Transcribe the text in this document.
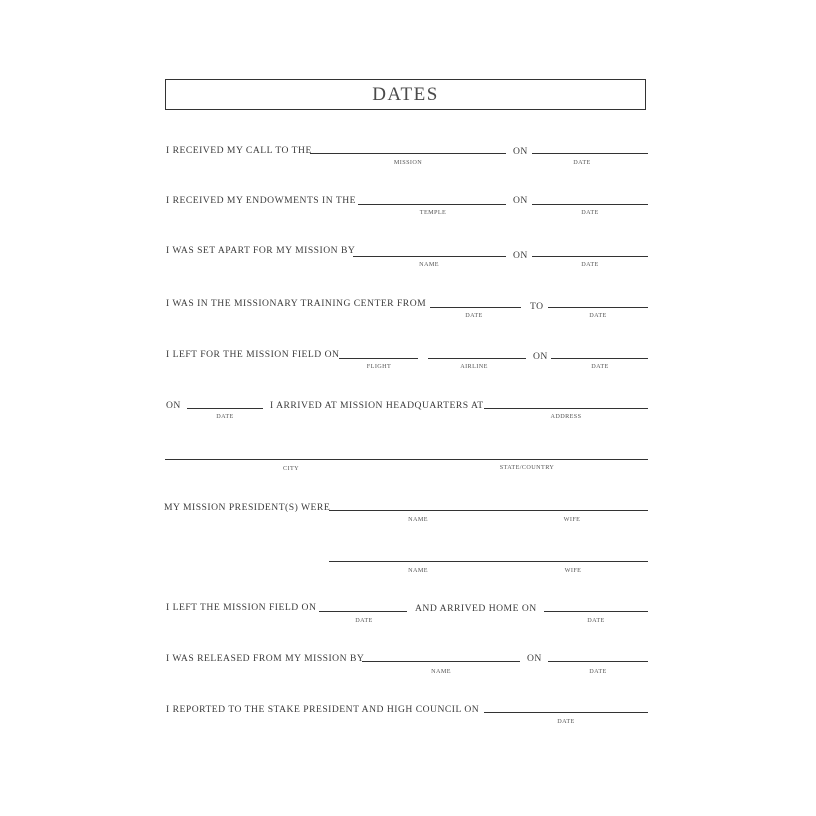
DATES
I RECEIVED MY CALL TO THE
MISSION
ON
DATE
I RECEIVED MY ENDOWMENTS IN THE
TEMPLE
ON
DATE
I WAS SET APART FOR MY MISSION BY
NAME
ON
DATE
I WAS IN THE MISSIONARY TRAINING CENTER FROM
DATE
TO
DATE
I LEFT FOR THE MISSION FIELD ON
FLIGHT	AIRLINE
ON
DATE
ON
DATE
I ARRIVED AT MISSION HEADQUARTERS AT
ADDRESS
CITY	STATE/COUNTRY
MY MISSION PRESIDENT(S) WERE
NAME	WIFE
NAME	WIFE
I LEFT THE MISSION FIELD ON
DATE
AND ARRIVED HOME ON
DATE
I WAS RELEASED FROM MY MISSION BY
NAME
ON
DATE
I REPORTED TO THE STAKE PRESIDENT AND HIGH COUNCIL ON
DATE
